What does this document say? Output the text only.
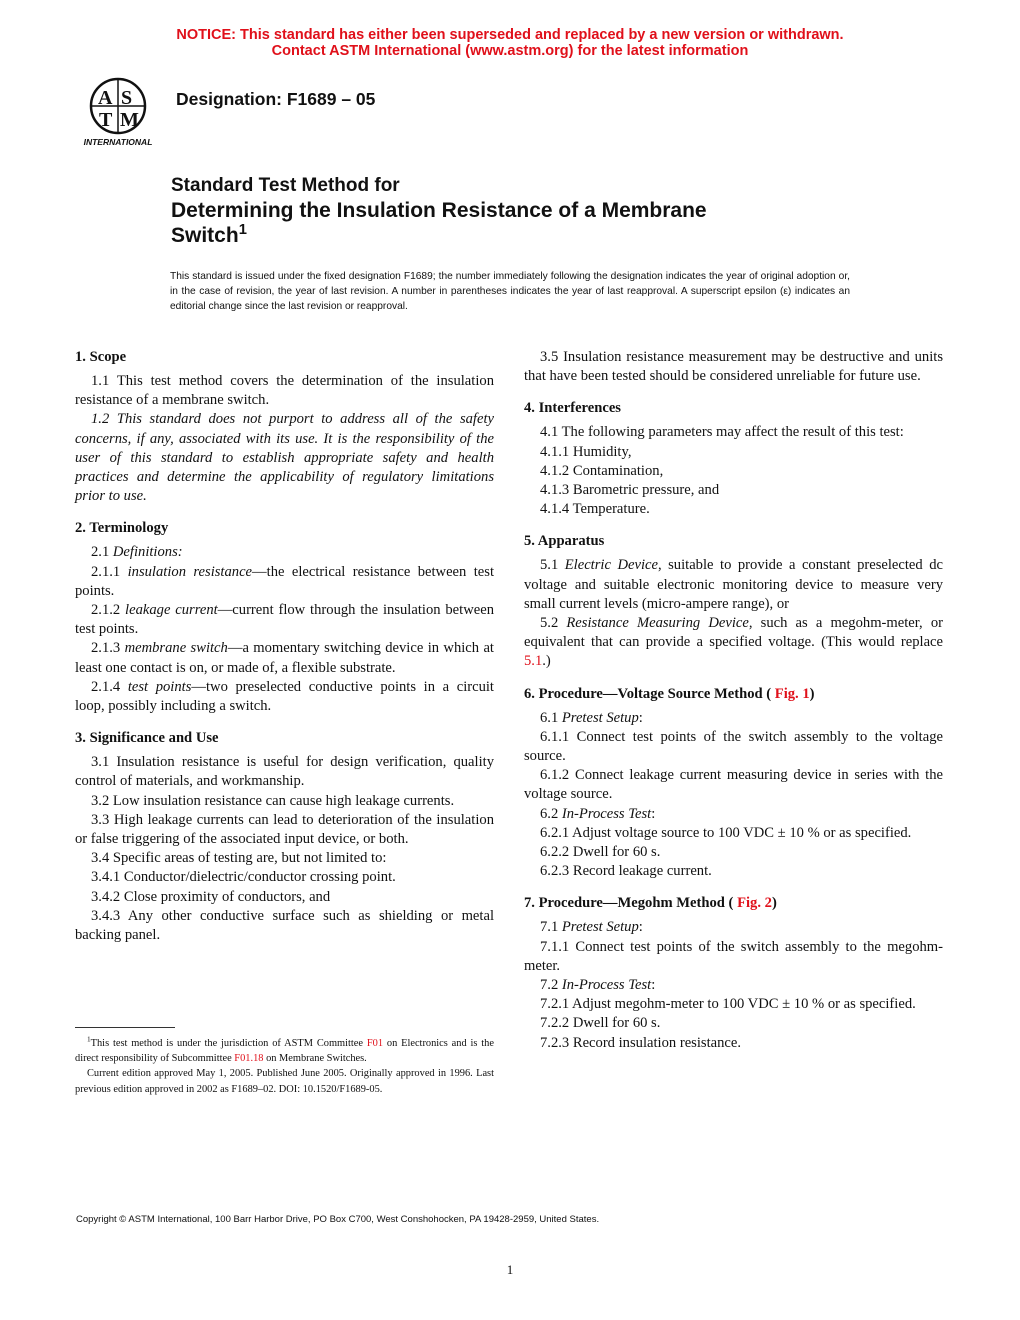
NOTICE: This standard has either been superseded and replaced by a new version or withdrawn.
Contact ASTM International (www.astm.org) for the latest information
A S
T M
INTERNATIONAL
Designation: F1689 – 05
Standard Test Method for
Determining the Insulation Resistance of a Membrane
Switch$^1$
This standard is issued under the fixed designation F1689; the number immediately following the designation indicates the year of original adoption or, in the case of revision, the year of last revision. A number in parentheses indicates the year of last reapproval. A superscript epsilon (ε) indicates an editorial change since the last revision or reapproval.
1. Scope

1.1 This test method covers the determination of the insulation resistance of a membrane switch.

1.2 This standard does not purport to address all of the safety concerns, if any, associated with its use. It is the responsibility of the user of this standard to establish appropriate safety and health practices and determine the applicability of regulatory limitations prior to use.

2. Terminology

2.1 Definitions:

2.1.1 insulation resistance—the electrical resistance between test points.

2.1.2 leakage current—current flow through the insulation between test points.

2.1.3 membrane switch—a momentary switching device in which at least one contact is on, or made of, a flexible substrate.

2.1.4 test points—two preselected conductive points in a circuit loop, possibly including a switch.

3. Significance and Use

3.1 Insulation resistance is useful for design verification, quality control of materials, and workmanship.

3.2 Low insulation resistance can cause high leakage currents.

3.3 High leakage currents can lead to deterioration of the insulation or false triggering of the associated input device, or both.

3.4 Specific areas of testing are, but not limited to:

3.4.1 Conductor/dielectric/conductor crossing point.

3.4.2 Close proximity of conductors, and

3.4.3 Any other conductive surface such as shielding or metal backing panel.

3.5 Insulation resistance measurement may be destructive and units that have been tested should be considered unreliable for future use.

4. Interferences

4.1 The following parameters may affect the result of this test:

4.1.1 Humidity,

4.1.2 Contamination,

4.1.3 Barometric pressure, and

4.1.4 Temperature.

5. Apparatus

5.1 Electric Device, suitable to provide a constant preselected dc voltage and suitable electronic monitoring device to measure very small current levels (micro-ampere range), or

5.2 Resistance Measuring Device, such as a megohm-meter, or equivalent that can provide a specified voltage. (This would replace 5.1.)

6. Procedure—Voltage Source Method ( Fig. 1)

6.1 Pretest Setup:

6.1.1 Connect test points of the switch assembly to the voltage source.

6.1.2 Connect leakage current measuring device in series with the voltage source.

6.2 In-Process Test:

6.2.1 Adjust voltage source to 100 VDC ± 10 % or as specified.

6.2.2 Dwell for 60 s.

6.2.3 Record leakage current.

7. Procedure—Megohm Method ( Fig. 2)

7.1 Pretest Setup:

7.1.1 Connect test points of the switch assembly to the megohm-meter.

7.2 In-Process Test:

7.2.1 Adjust megohm-meter to 100 VDC ± 10 % or as specified.

7.2.2 Dwell for 60 s.

7.2.3 Record insulation resistance.

$^1$This test method is under the jurisdiction of ASTM Committee F01 on Electronics and is the direct responsibility of Subcommittee F01.18 on Membrane Switches.

Current edition approved May 1, 2005. Published June 2005. Originally approved in 1996. Last previous edition approved in 2002 as F1689–02. DOI: 10.1520/F1689-05.

Copyright © ASTM International, 100 Barr Harbor Drive, PO Box C700, West Conshohocken, PA 19428-2959, United States.
1
